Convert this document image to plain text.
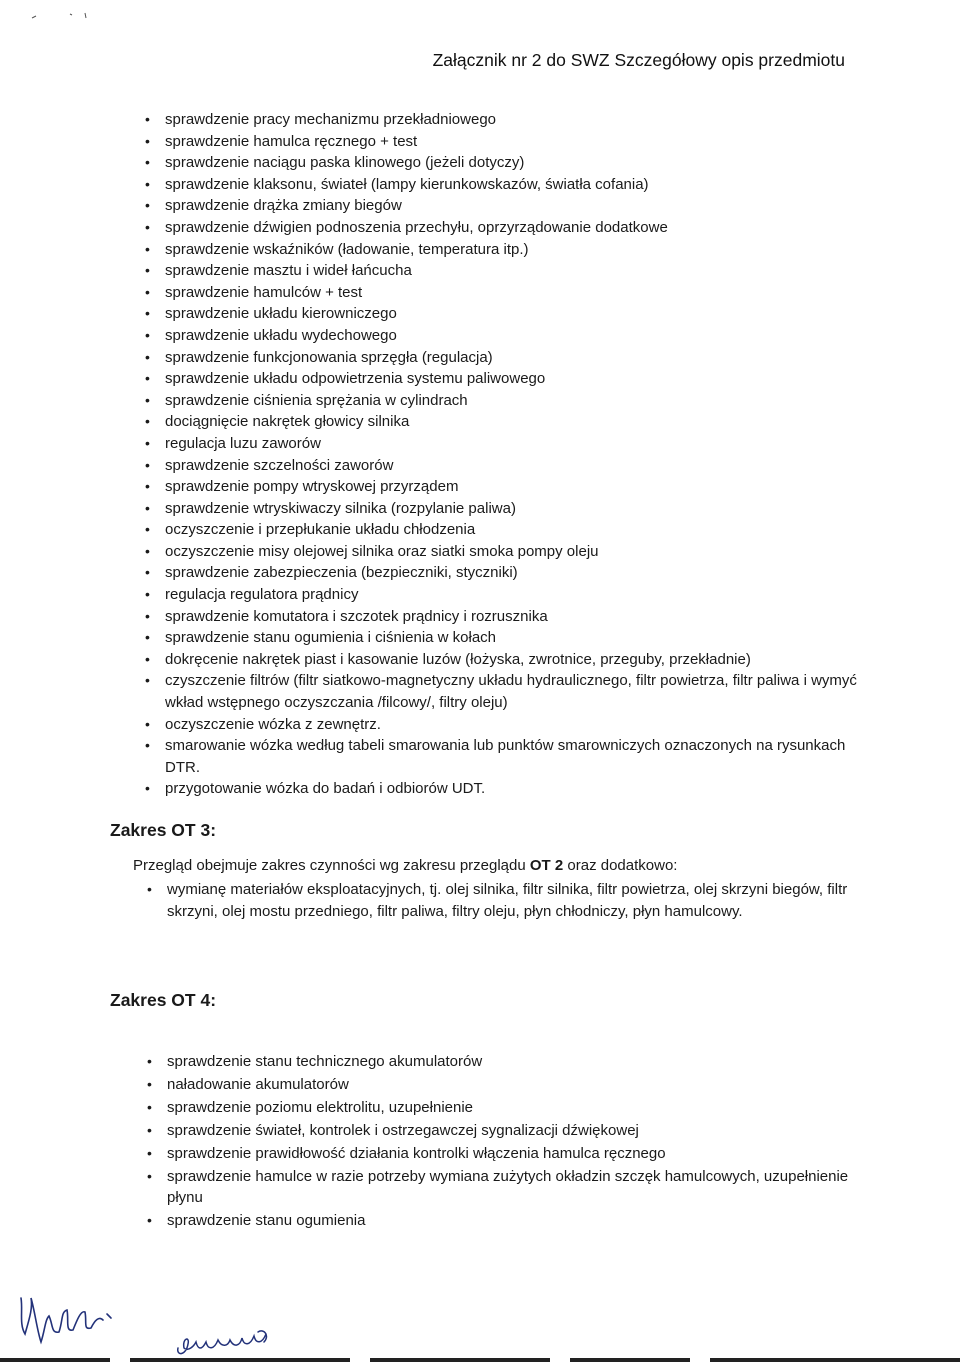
Załącznik nr 2 do SWZ Szczegółowy opis przedmiotu
• sprawdzenie pracy mechanizmu przekładniowego
• sprawdzenie hamulca ręcznego + test
• sprawdzenie naciągu paska klinowego (jeżeli dotyczy)
• sprawdzenie klaksonu, świateł (lampy kierunkowskazów, światła cofania)
• sprawdzenie drążka zmiany biegów
• sprawdzenie dźwigien podnoszenia przechyłu, oprzyrządowanie dodatkowe
• sprawdzenie wskaźników (ładowanie, temperatura itp.)
• sprawdzenie masztu i wideł łańcucha
• sprawdzenie hamulców + test
• sprawdzenie układu kierowniczego
• sprawdzenie układu wydechowego
• sprawdzenie funkcjonowania sprzęgła (regulacja)
• sprawdzenie układu odpowietrzenia systemu paliwowego
• sprawdzenie ciśnienia sprężania w cylindrach
• dociągnięcie nakrętek głowicy silnika
• regulacja luzu zaworów
• sprawdzenie szczelności zaworów
• sprawdzenie pompy wtryskowej przyrządem
• sprawdzenie wtryskiwaczy silnika (rozpylanie paliwa)
• oczyszczenie i przepłukanie układu chłodzenia
• oczyszczenie misy olejowej silnika oraz siatki smoka pompy oleju
• sprawdzenie zabezpieczenia (bezpieczniki, styczniki)
• regulacja regulatora prądnicy
• sprawdzenie komutatora i szczotek prądnicy i rozrusznika
• sprawdzenie stanu ogumienia i ciśnienia w kołach
• dokręcenie nakrętek piast i kasowanie luzów (łożyska, zwrotnice, przeguby, przekładnie)
• czyszczenie filtrów (filtr siatkowo-magnetyczny układu hydraulicznego, filtr powietrza, filtr paliwa i wymyć wkład wstępnego oczyszczania /filcowy/, filtry oleju)
• oczyszczenie wózka z zewnętrz.
• smarowanie wózka według tabeli smarowania lub punktów smarowniczych oznaczonych na rysunkach DTR.
• przygotowanie wózka do badań i odbiorów UDT.
Zakres OT 3:
Przegląd obejmuje zakres czynności wg zakresu przeglądu OT 2 oraz dodatkowo:
• wymianę materiałów eksploatacyjnych, tj. olej silnika, filtr silnika, filtr powietrza, olej skrzyni biegów, filtr skrzyni, olej mostu przedniego, filtr paliwa, filtry oleju, płyn chłodniczy, płyn hamulcowy.
Zakres OT 4:
• sprawdzenie stanu technicznego akumulatorów
• naładowanie akumulatorów
• sprawdzenie poziomu elektrolitu, uzupełnienie
• sprawdzenie świateł, kontrolek i ostrzegawczej sygnalizacji dźwiękowej
• sprawdzenie prawidłowość działania kontrolki włączenia hamulca ręcznego
• sprawdzenie hamulce w razie potrzeby wymiana zużytych okładzin szczęk hamulcowych, uzupełnienie płynu
• sprawdzenie stanu ogumienia
